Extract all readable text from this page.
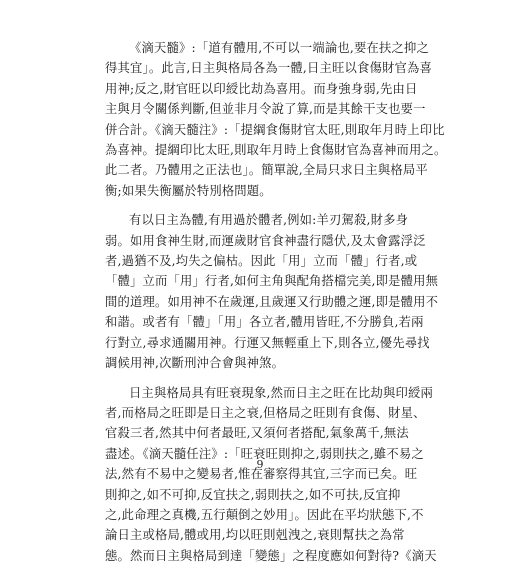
《滴天髓》:「道有體用,不可以一端論也,要在扶之抑之
得其宜」。此言,日主與格局各為一體,日主旺以食傷財官為喜
用神;反之,財官旺以印綬比劫為喜用。而身強身弱,先由日
主與月令關係判斷,但並非月令說了算,而是其餘干支也要一
併合計。《滴天髓注》:「提綱食傷財官太旺,則取年月時上印比
為喜神。提綱印比太旺,則取年月時上食傷財官為喜神而用之。
此二者。乃體用之正法也」。簡單說,全局只求日主與格局平
衡;如果失衡屬於特別格問題。

有以日主為體,有用過於體者,例如:羊刃駕殺,財多身
弱。如用食神生財,而運歲財官食神盡行隱伏,及太會露浮泛
者,過猶不及,均失之偏枯。因此「用」立而「體」行者,或
「體」立而「用」行者,如何主角與配角搭檔完美,即是體用無
間的道理。如用神不在歲運,且歲運又行助體之運,即是體用不
和諧。或者有「體」「用」各立者,體用皆旺,不分勝負,若兩
行對立,尋求通關用神。行運又無輕重上下,則各立,優先尋找
調候用神,次斷刑沖合會與神煞。

日主與格局具有旺衰現象,然而日主之旺在比劫與印綬兩
者,而格局之旺即是日主之衰,但格局之旺則有食傷、財星、
官殺三者,然其中何者最旺,又須何者搭配,氣象萬千,無法
盡述。《滴天髓任注》:「旺衰旺則抑之,弱則扶之,雖不易之
法,然有不易中之變易者,惟在審察得其宜,三字而已矣。旺
則抑之,如不可抑,反宜扶之,弱則扶之,如不可扶,反宜抑
之,此命理之真機,五行顛倒之妙用」。因此在平均狀態下,不
論日主或格局,體或用,均以旺則剋洩之,衰則幫扶之為常
態。然而日主與格局到達「變態」之程度應如何對待?《滴天

9
